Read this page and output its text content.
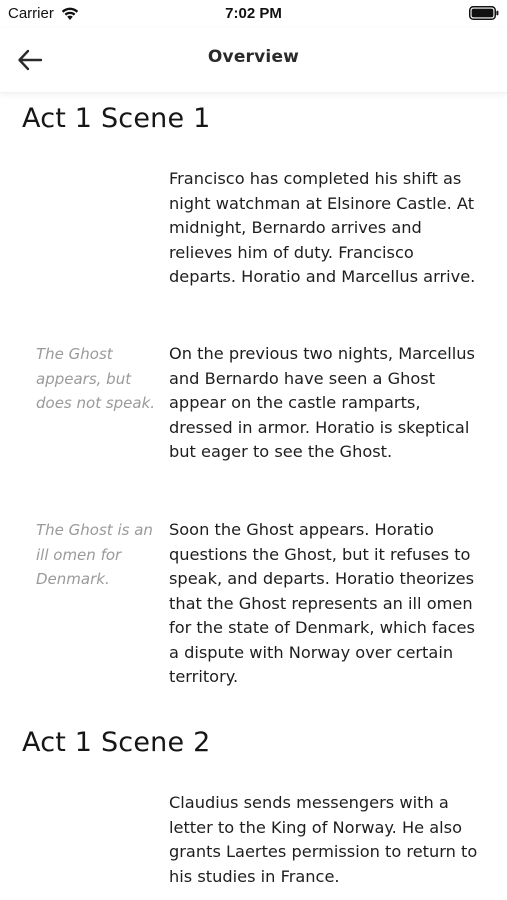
Carrier	7:02 PM
Overview
Act 1 Scene 1
Francisco has completed his shift as night watchman at Elsinore Castle. At midnight, Bernardo arrives and relieves him of duty. Francisco departs. Horatio and Marcellus arrive.
The Ghost appears, but does not speak.
On the previous two nights, Marcellus and Bernardo have seen a Ghost appear on the castle ramparts, dressed in armor. Horatio is skeptical but eager to see the Ghost.
The Ghost is an ill omen for Denmark.
Soon the Ghost appears. Horatio questions the Ghost, but it refuses to speak, and departs. Horatio theorizes that the Ghost represents an ill omen for the state of Denmark, which faces a dispute with Norway over certain territory.
Act 1 Scene 2
Claudius sends messengers with a letter to the King of Norway. He also grants Laertes permission to return to his studies in France.
